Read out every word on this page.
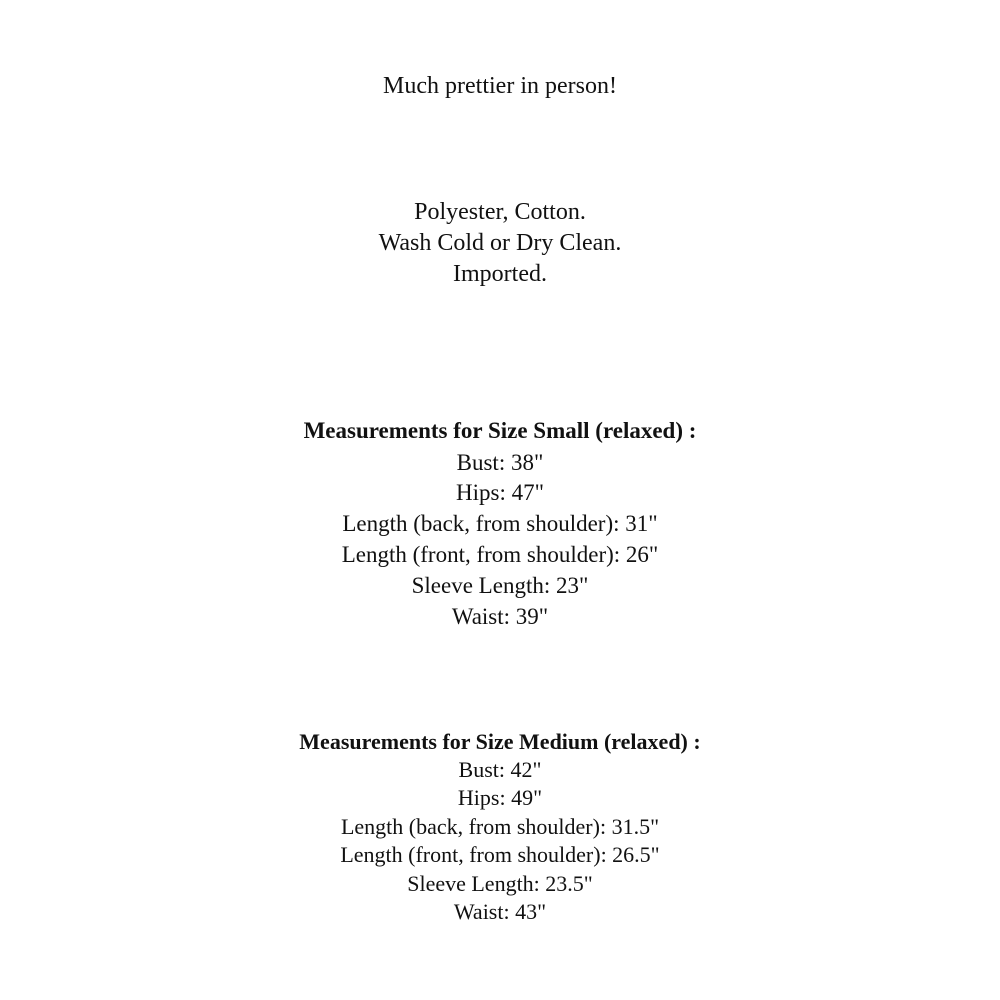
Much prettier in person!
Polyester, Cotton.
Wash Cold or Dry Clean.
Imported.
Measurements for Size Small (relaxed) :
Bust: 38"
Hips: 47"
Length (back, from shoulder): 31"
Length (front, from shoulder): 26"
Sleeve Length: 23"
Waist: 39"
Measurements for Size Medium (relaxed) :
Bust: 42"
Hips: 49"
Length (back, from shoulder): 31.5"
Length (front, from shoulder): 26.5"
Sleeve Length: 23.5"
Waist: 43"
